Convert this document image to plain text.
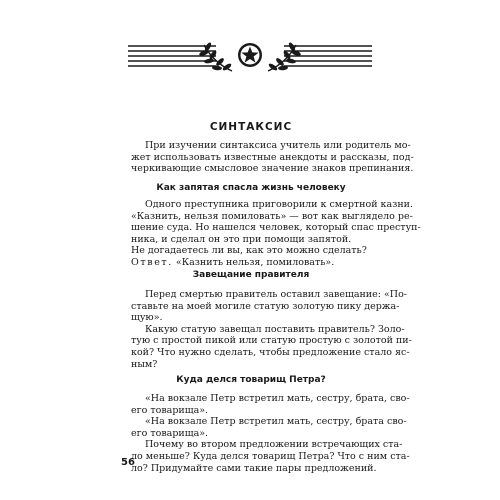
СИНТАКСИС
При изучении синтаксиса учитель или родитель мо-
жет использовать известные анекдоты и рассказы, под-
черкивающие смысловое значение знаков препинания.
Как запятая спасла жизнь человеку
Одного преступника приговорили к смертной казни.
«Казнить, нельзя помиловать» — вот как выглядело ре-
шение суда. Но нашелся человек, который спас преступ-
ника, и сделал он это при помощи запятой.
Не догадаетесь ли вы, как это можно сделать?
Ответ. «Казнить нельзя, помиловать».
Завещание правителя
Перед смертью правитель оставил завещание: «По-
ставьте на моей могиле статую золотую пику держа-
щую».
Какую статую завещал поставить правитель? Золо-
тую с простой пикой или статую простую с золотой пи-
кой? Что нужно сделать, чтобы предложение стало яс-
ным?
Куда делся товарищ Петра?
«На вокзале Петр встретил мать, сестру, брата, сво-
его товарища».
«На вокзале Петр встретил мать, сестру, брата сво-
его товарища».
Почему во втором предложении встречающих ста-
ло меньше? Куда делся товарищ Петра? Что с ним ста-
ло? Придумайте сами такие пары предложений.
56
